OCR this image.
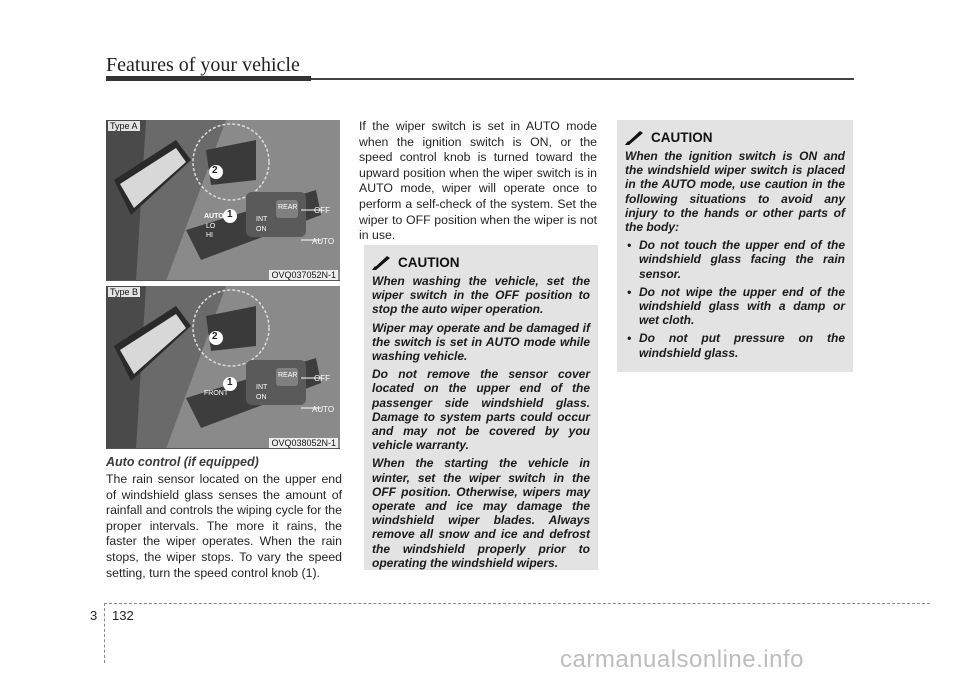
Features of your vehicle
2
1
AUTO
LO
HI
INT
ON
REAR OFF
AUTO
Type A
OVQ037052N-1
2
1
FRONT
INT
ON
REAR OFF
AUTO
Type B
OVQ038052N-1
Auto control (if equipped)

The rain sensor located on the upper end of windshield glass senses the amount of rainfall and controls the wiping cycle for the proper intervals. The more it rains, the faster the wiper operates. When the rain stops, the wiper stops. To vary the speed setting, turn the speed control knob (1).

If the wiper switch is set in AUTO mode when the ignition switch is ON, or the speed control knob is turned toward the upward position when the wiper switch is in AUTO mode, wiper will operate once to perform a self-check of the system. Set the wiper to OFF position when the wiper is not in use.

CAUTION

When washing the vehicle, set the wiper switch in the OFF position to stop the auto wiper operation.

Wiper may operate and be damaged if the switch is set in AUTO mode while washing vehicle.

Do not remove the sensor cover located on the upper end of the passenger side windshield glass. Damage to system parts could occur and may not be covered by you vehicle warranty.

When the starting the vehicle in winter, set the wiper switch in the OFF position. Otherwise, wipers may operate and ice may damage the windshield wiper blades. Always remove all snow and ice and defrost the windshield properly prior to operating the windshield wipers.

CAUTION

When the ignition switch is ON and the windshield wiper switch is placed in the AUTO mode, use caution in the following situations to avoid any injury to the hands or other parts of the body:

• Do not touch the upper end of the windshield glass facing the rain sensor.
• Do not wipe the upper end of the windshield glass with a damp or wet cloth.
• Do not put pressure on the windshield glass.
3 132
carmanualsonline.info
